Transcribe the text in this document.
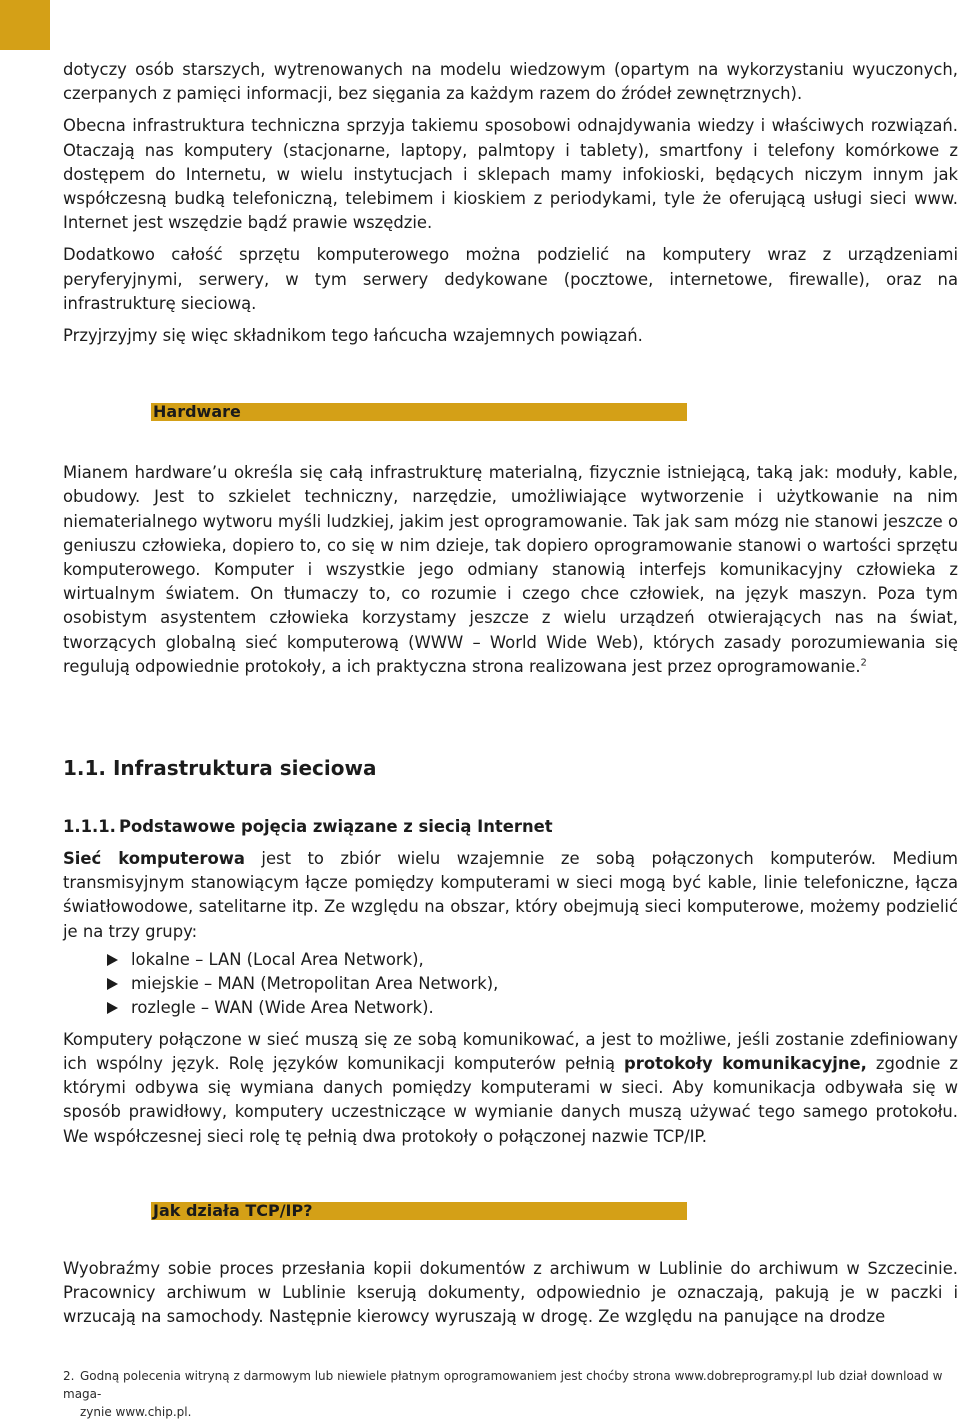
dotyczy osób starszych, wytrenowanych na modelu wiedzowym (opartym na wykorzystaniu wyuczonych, czerpanych z pamięci informacji, bez sięgania za każdym razem do źródeł zewnętrznych).

Obecna infrastruktura techniczna sprzyja takiemu sposobowi odnajdywania wiedzy i właściwych rozwiązań. Otaczają nas komputery (stacjonarne, laptopy, palmtopy i tablety), smartfony i telefony komórkowe z dostępem do Internetu, w wielu instytucjach i sklepach mamy infokioski, będących niczym innym jak współczesną budką telefoniczną, telebimem i kioskiem z periodykami, tyle że oferującą usługi sieci www. Internet jest wszędzie bądź prawie wszędzie.

Dodatkowo całość sprzętu komputerowego można podzielić na komputery wraz z urządzeniami peryferyjnymi, serwery, w tym serwery dedykowane (pocztowe, internetowe, firewalle), oraz na infrastrukturę sieciową.

Przyjrzyjmy się więc składnikom tego łańcucha wzajemnych powiązań.

Hardware

Mianem hardware’u określa się całą infrastrukturę materialną, fizycznie istniejącą, taką jak: moduły, kable, obudowy. Jest to szkielet techniczny, narzędzie, umożliwiające wytworzenie i użytkowanie na nim niematerialnego wytworu myśli ludzkiej, jakim jest oprogramowanie. Tak jak sam mózg nie stanowi jeszcze o geniuszu człowieka, dopiero to, co się w nim dzieje, tak dopiero oprogramowanie stanowi o wartości sprzętu komputerowego. Komputer i wszystkie jego odmiany stanowią interfejs komunikacyjny człowieka z wirtualnym światem. On tłumaczy to, co rozumie i czego chce człowiek, na język maszyn. Poza tym osobistym asystentem człowieka korzystamy jeszcze z wielu urządzeń otwierających nas na świat, tworzących globalną sieć komputerową (WWW – World Wide Web), których zasady porozumiewania się regulują odpowiednie protokoły, a ich praktyczna strona realizowana jest przez oprogramowanie.$^2$

1.1. Infrastruktura sieciowa
1.1.1. Podstawowe pojęcia związane z siecią Internet

Sieć komputerowa jest to zbiór wielu wzajemnie ze sobą połączonych komputerów. Medium transmisyjnym stanowiącym łącze pomiędzy komputerami w sieci mogą być kable, linie telefoniczne, łącza światłowodowe, satelitarne itp. Ze względu na obszar, który obejmują sieci komputerowe, możemy podzielić je na trzy grupy:

lokalne – LAN (Local Area Network),
miejskie – MAN (Metropolitan Area Network),
rozlegle – WAN (Wide Area Network).

Komputery połączone w sieć muszą się ze sobą komunikować, a jest to możliwe, jeśli zostanie zdefiniowany ich wspólny język. Rolę języków komunikacji komputerów pełnią protokoły komunikacyjne, zgodnie z którymi odbywa się wymiana danych pomiędzy komputerami w sieci. Aby komunikacja odbywała się w sposób prawidłowy, komputery uczestniczące w wymianie danych muszą używać tego samego protokołu. We współczesnej sieci rolę tę pełnią dwa protokoły o połączonej nazwie TCP/IP.

Jak działa TCP/IP?

Wyobraźmy sobie proces przesłania kopii dokumentów z archiwum w Lublinie do archiwum w Szczecinie. Pracownicy archiwum w Lublinie kserują dokumenty, odpowiednio je oznaczają, pakują je w paczki i wrzucają na samochody. Następnie kierowcy wyruszają w drogę. Ze względu na panujące na drodze

2. Godną polecenia witryną z darmowym lub niewiele płatnym oprogramowaniem jest choćby strona www.dobreprogramy.pl lub dział download w maga-
zynie www.chip.pl.
